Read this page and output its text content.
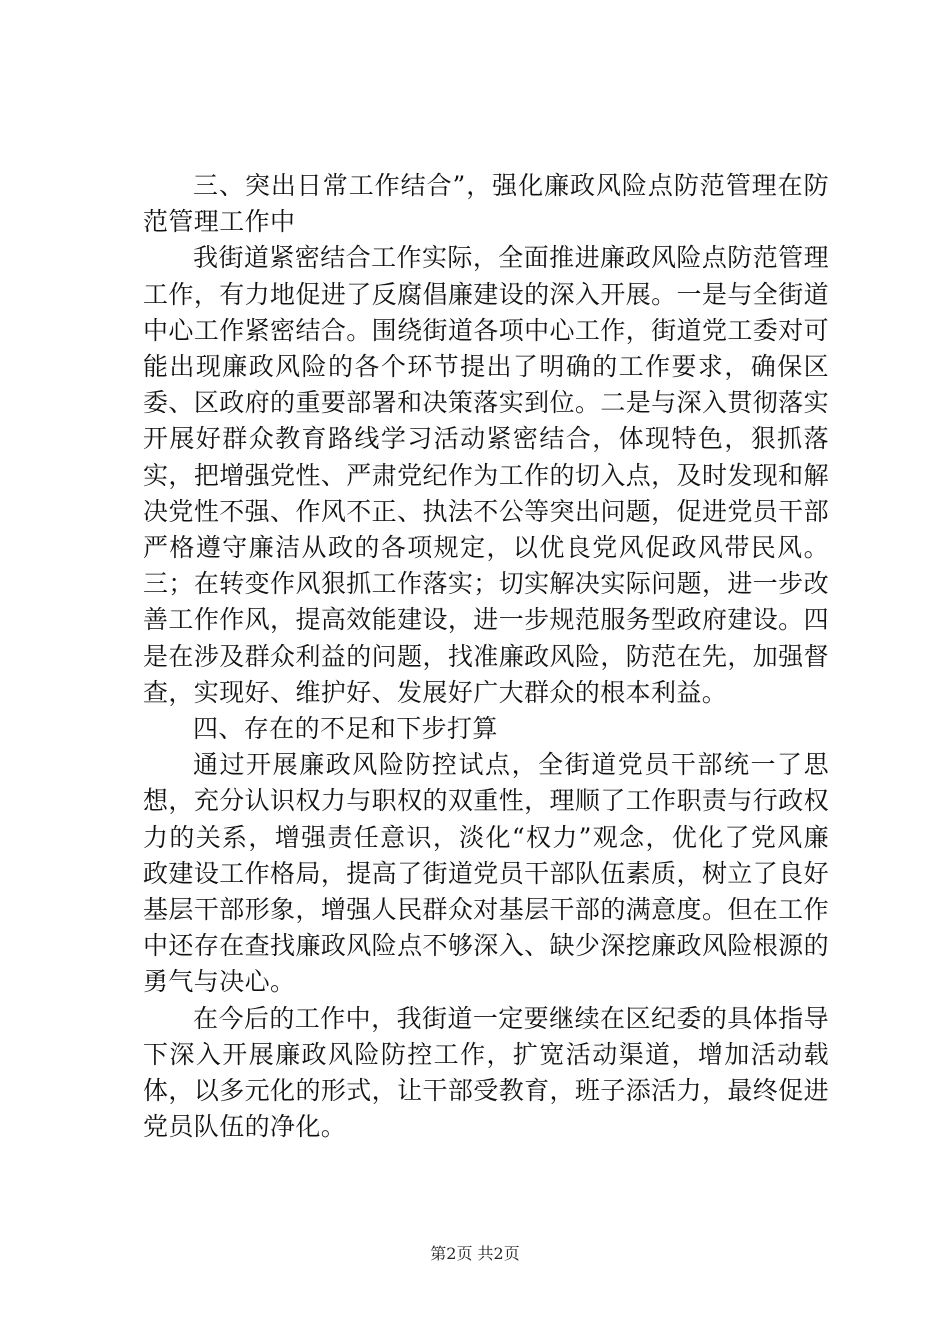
三、突出日常工作结合”，强化廉政风险点防范管理在防范管理工作中

我街道紧密结合工作实际，全面推进廉政风险点防范管理工作，有力地促进了反腐倡廉建设的深入开展。一是与全街道中心工作紧密结合。围绕街道各项中心工作，街道党工委对可能出现廉政风险的各个环节提出了明确的工作要求，确保区委、区政府的重要部署和决策落实到位。二是与深入贯彻落实开展好群众教育路线学习活动紧密结合，体现特色，狠抓落实，把增强党性、严肃党纪作为工作的切入点，及时发现和解决党性不强、作风不正、执法不公等突出问题，促进党员干部严格遵守廉洁从政的各项规定，以优良党风促政风带民风。三；在转变作风狠抓工作落实；切实解决实际问题，进一步改善工作作风，提高效能建设，进一步规范服务型政府建设。四是在涉及群众利益的问题，找准廉政风险，防范在先，加强督查，实现好、维护好、发展好广大群众的根本利益。

四、存在的不足和下步打算

通过开展廉政风险防控试点，全街道党员干部统一了思想，充分认识权力与职权的双重性，理顺了工作职责与行政权力的关系，增强责任意识，淡化“权力”观念，优化了党风廉政建设工作格局，提高了街道党员干部队伍素质，树立了良好基层干部形象，增强人民群众对基层干部的满意度。但在工作中还存在查找廉政风险点不够深入、缺少深挖廉政风险根源的勇气与决心。

在今后的工作中，我街道一定要继续在区纪委的具体指导下深入开展廉政风险防控工作，扩宽活动渠道，增加活动载体，以多元化的形式，让干部受教育，班子添活力，最终促进党员队伍的净化。

第2页 共2页
